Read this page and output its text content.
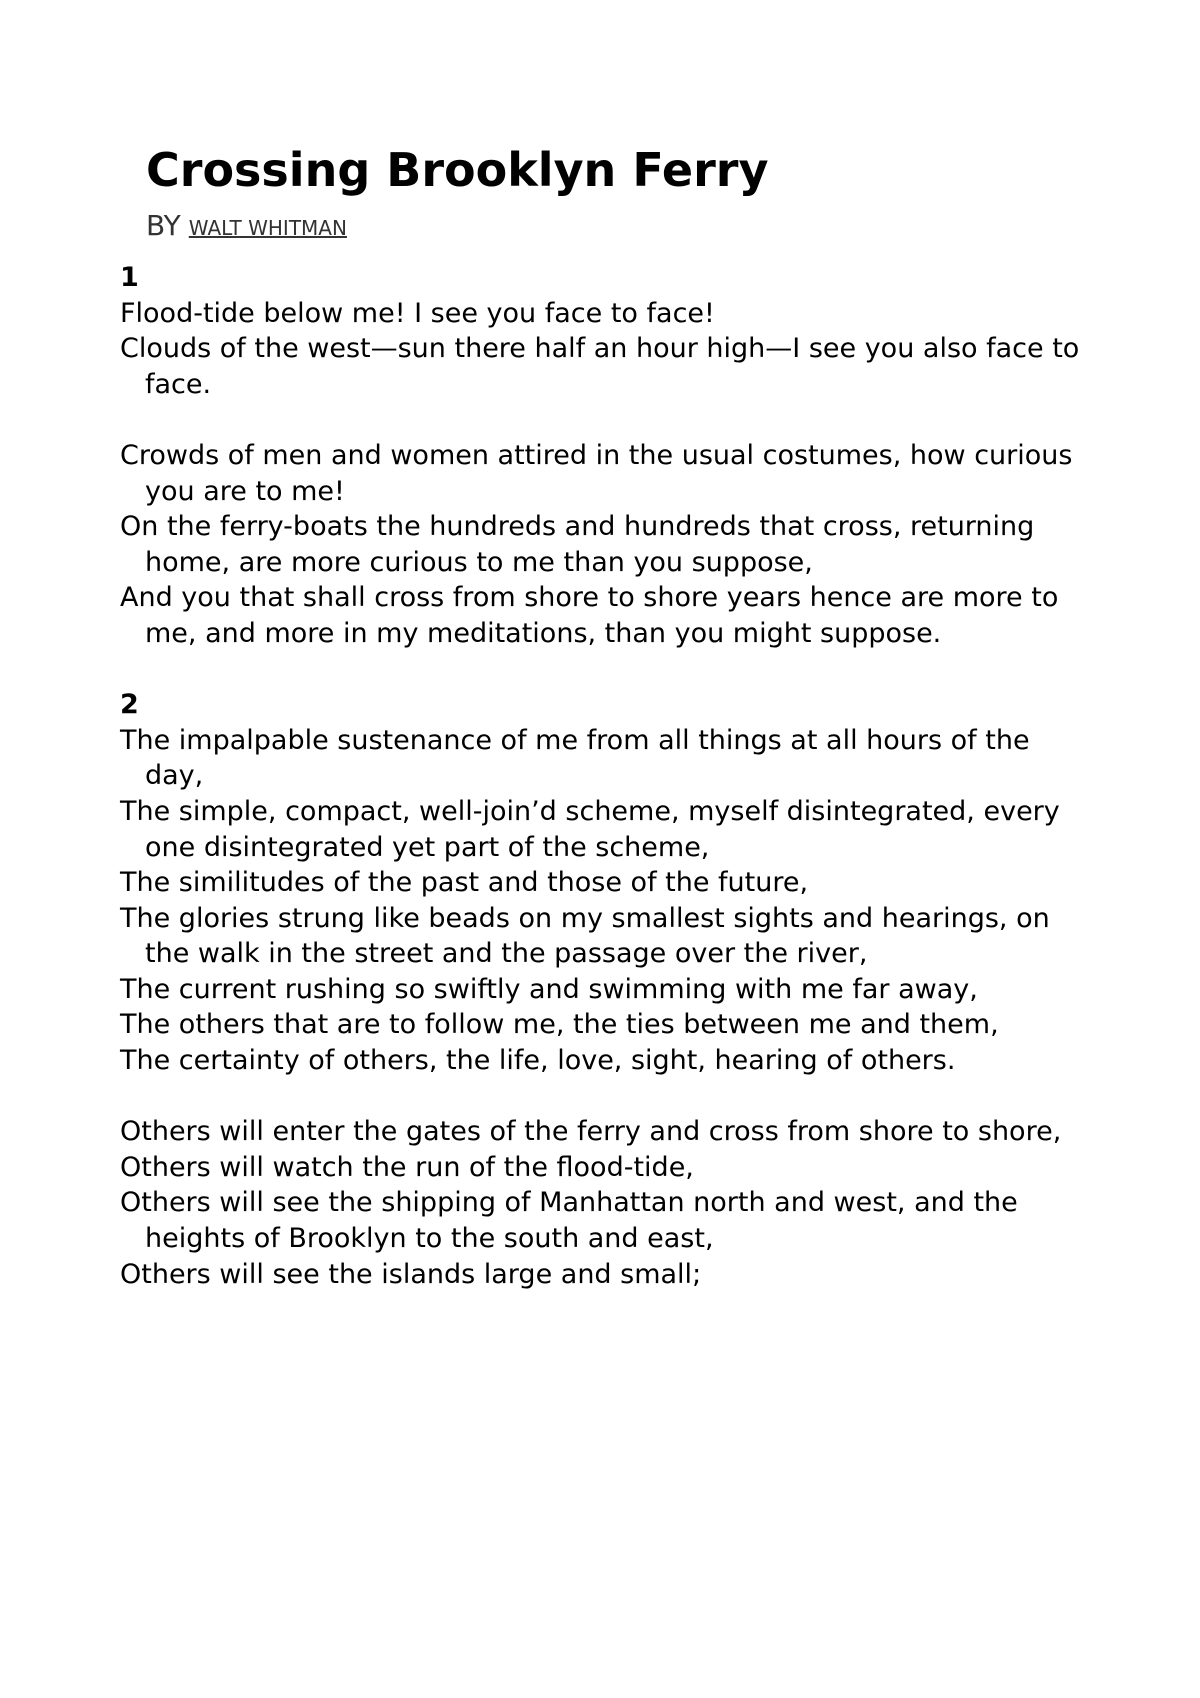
Crossing Brooklyn Ferry
BY WALT WHITMAN
1
Flood-tide below me! I see you face to face!
Clouds of the west—sun there half an hour high—I see you also face to face.
Crowds of men and women attired in the usual costumes, how curious you are to me!
On the ferry-boats the hundreds and hundreds that cross, returning home, are more curious to me than you suppose,
And you that shall cross from shore to shore years hence are more to me, and more in my meditations, than you might suppose.
2
The impalpable sustenance of me from all things at all hours of the day,
The simple, compact, well-join’d scheme, myself disintegrated, every one disintegrated yet part of the scheme,
The similitudes of the past and those of the future,
The glories strung like beads on my smallest sights and hearings, on the walk in the street and the passage over the river,
The current rushing so swiftly and swimming with me far away,
The others that are to follow me, the ties between me and them,
The certainty of others, the life, love, sight, hearing of others.
Others will enter the gates of the ferry and cross from shore to shore,
Others will watch the run of the flood-tide,
Others will see the shipping of Manhattan north and west, and the heights of Brooklyn to the south and east,
Others will see the islands large and small;
